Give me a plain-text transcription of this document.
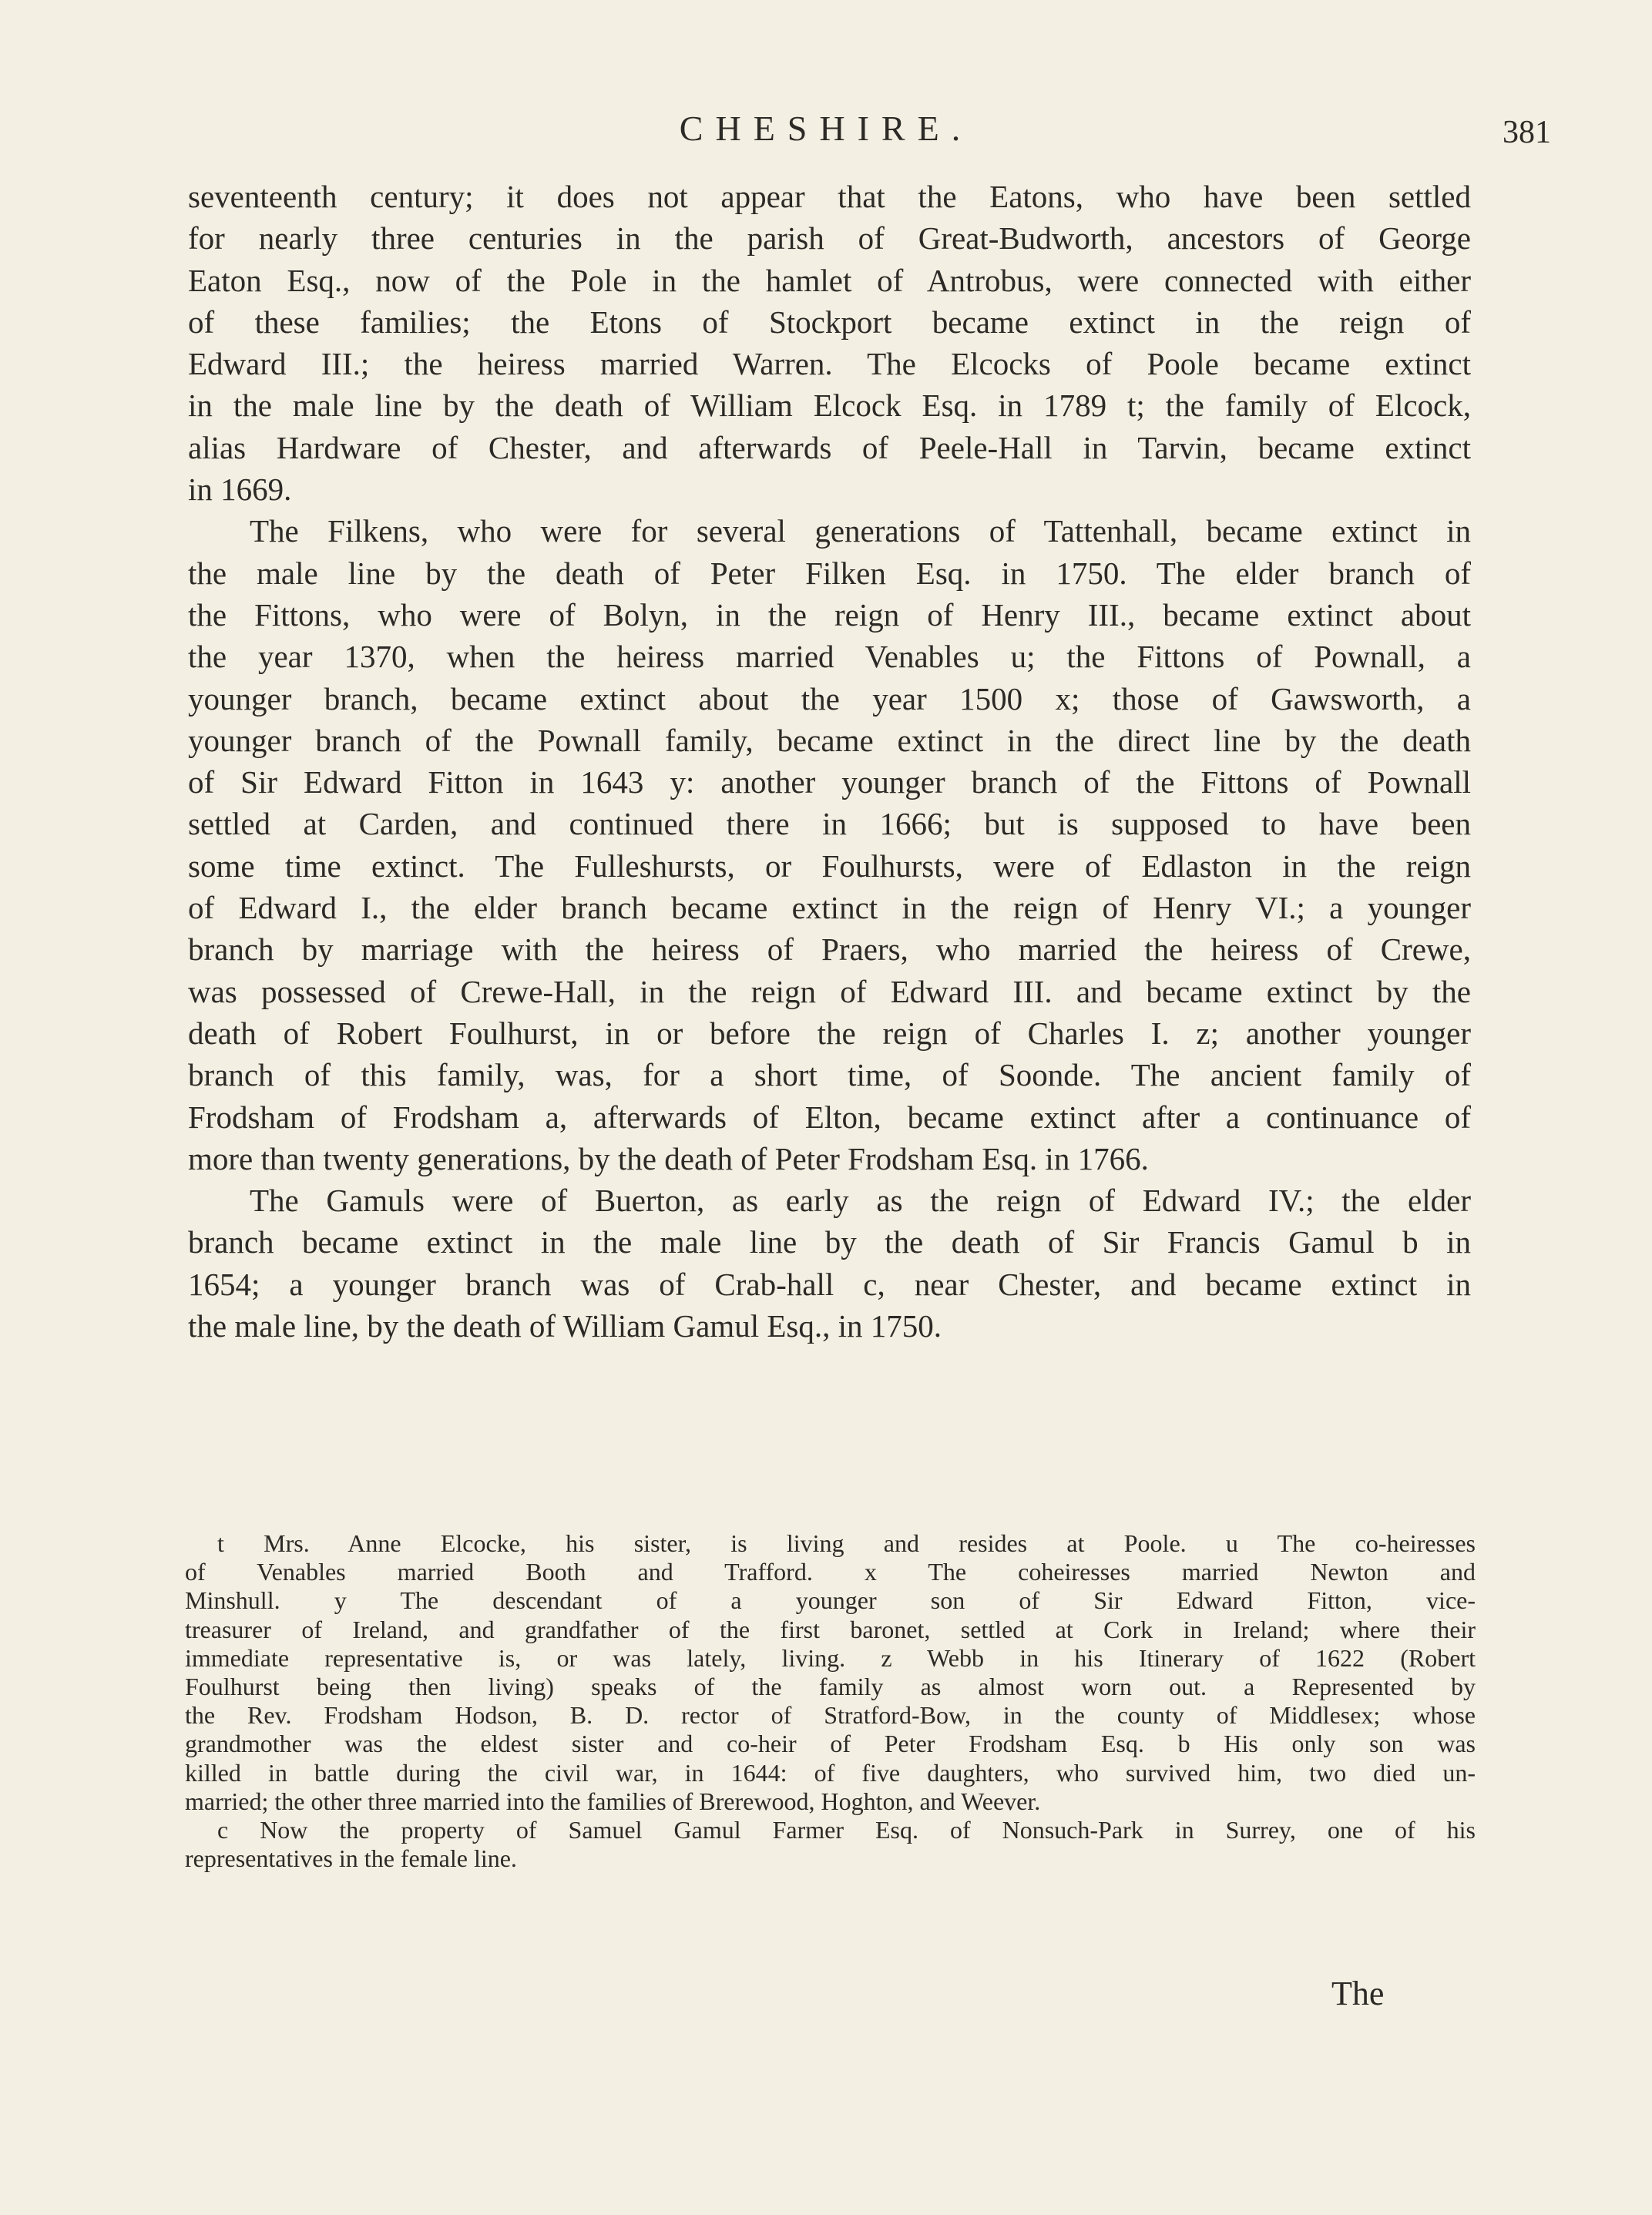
CHESHIRE.	381
seventeenth century; it does not appear that the Eatons, who have been settled
for nearly three centuries in the parish of Great-Budworth, ancestors of George
Eaton Esq., now of the Pole in the hamlet of Antrobus, were connected with either
of these families; the Etons of Stockport became extinct in the reign of
Edward III.; the heiress married Warren. The Elcocks of Poole became extinct
in the male line by the death of William Elcock Esq. in 1789 t; the family of Elcock,
alias Hardware of Chester, and afterwards of Peele-Hall in Tarvin, became extinct
in 1669.
The Filkens, who were for several generations of Tattenhall, became extinct in
the male line by the death of Peter Filken Esq. in 1750. The elder branch of
the Fittons, who were of Bolyn, in the reign of Henry III., became extinct about
the year 1370, when the heiress married Venables u; the Fittons of Pownall, a
younger branch, became extinct about the year 1500 x; those of Gawsworth, a
younger branch of the Pownall family, became extinct in the direct line by the death
of Sir Edward Fitton in 1643 y: another younger branch of the Fittons of Pownall
settled at Carden, and continued there in 1666; but is supposed to have been
some time extinct. The Fulleshursts, or Foulhursts, were of Edlaston in the reign
of Edward I., the elder branch became extinct in the reign of Henry VI.; a younger
branch by marriage with the heiress of Praers, who married the heiress of Crewe,
was possessed of Crewe-Hall, in the reign of Edward III. and became extinct by the
death of Robert Foulhurst, in or before the reign of Charles I. z; another younger
branch of this family, was, for a short time, of Soonde. The ancient family of
Frodsham of Frodsham a, afterwards of Elton, became extinct after a continuance of
more than twenty generations, by the death of Peter Frodsham Esq. in 1766.
The Gamuls were of Buerton, as early as the reign of Edward IV.; the elder
branch became extinct in the male line by the death of Sir Francis Gamul b in
1654; a younger branch was of Crab-hall c, near Chester, and became extinct in
the male line, by the death of William Gamul Esq., in 1750.
t Mrs. Anne Elcocke, his sister, is living and resides at Poole. u The co-heiresses
of Venables married Booth and Trafford. x The coheiresses married Newton and
Minshull. y The descendant of a younger son of Sir Edward Fitton, vice-
treasurer of Ireland, and grandfather of the first baronet, settled at Cork in Ireland; where their
immediate representative is, or was lately, living. z Webb in his Itinerary of 1622 (Robert
Foulhurst being then living) speaks of the family as almost worn out. a Represented by
the Rev. Frodsham Hodson, B. D. rector of Stratford-Bow, in the county of Middlesex; whose
grandmother was the eldest sister and co-heir of Peter Frodsham Esq. b His only son was
killed in battle during the civil war, in 1644: of five daughters, who survived him, two died un-
married; the other three married into the families of Brerewood, Hoghton, and Weever.
c Now the property of Samuel Gamul Farmer Esq. of Nonsuch-Park in Surrey, one of his
representatives in the female line.
The
